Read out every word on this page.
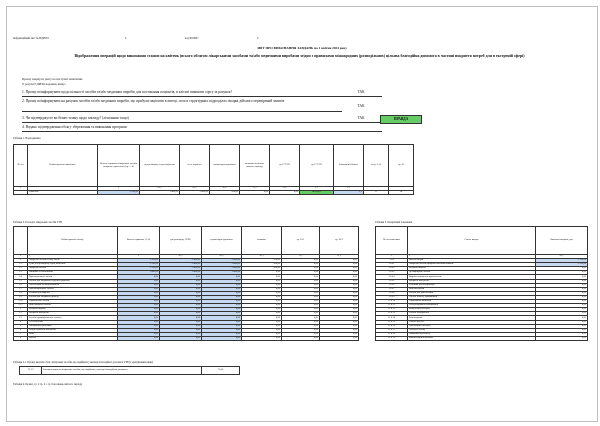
Iнформаційний лист № НДРМ 8	0	код 0019907	0
ЗВІТ ПРО ВИКОНАННЯ ЗАВДАНЬ на 1 квітня 2024 року
Відображення операцій щодо виконання станом на квітень (всього обсягом лікарськими засобами та/або медичними виробами згідно з правилами міжнародних (розподільних) цільова благодійна допомога в частині покриття потреб для в екстреній сфері)
Прошу звернути увагу на наступні запитання:
У розрізі ЄДРПО надання, якщо:
1. Прошу поінформувати щодо кількості засобів та/або медичних виробів для постачання пацієнтів, в клієнті виконати сорту за рахунок?	ТАК
2. Прошу поінформувати на рахунок засобів та/або медичних виробів, що прибули пацієнтів в аптеці, поза в структурних підрозділах лікарні дійсного перевірений запитів
ТАК
3. Чи підтверджуєте ви бізнес-плану щодо закладу? (лічильник тощо)	ТАК	ПРАВДА
4. Надано підтвердження обсягу збереження та виконання програми
Таблиця 1. Надходження
№ з/п	Найменування показника	Всього отримано лікарських засобів (зокрема стратегічні) (гр. 1+4)	для розподілу серед пацієнтів	в т.ч. вартість	гуманітарна допомога	залишок на кінець звітного періоду	гр.17 ТЗН	гр.17 ГЗН	Фактичний баланс	за гр. 2-15	гр. 16
1		2	10,1	10,2	10,3	11,1	11,2	12	13		
	Значення	2 700,00	2 400,00	2 000,00	100,00	0,00	0,00	ПРАВДА	2,2	0	24
Таблиця 2. Розподіл лікарських засобів ТЗН
	Найменування засобу	Всього отримано (1+4)	для розподілу (ТЗН)	гуманітарна допомога	залишок	гр. 10.1	гр. 10.2
1	2	2	10,1	10,2	10,3	11,1	11,2
2	Лікарські засоби в тому числі:	2 700,00	2 400,00	2 000,00	100,00	0,00	0,00
2.1	з них для розподілу серед пацієнтів	2 700,00	2 400,00	2 000,00	100,00	0,00	0,00
2.2	Лікарські засоби	2 700,00	2 400,00	2 000,00	100,00	0,00	0,00
2.3	Вакцини та анатоксини	1 000,00	1 000,00	1 000,00	0,00	0,00	0,00
2.4	Протипухлинні засоби	0,00	0,00	0,00	0,00	0,00	0,00
2.5	Засоби для лікування серцево-судинних	0,00	0,00	0,00	0,00	0,00	0,00
2.6	Анестетики та міорелаксанти	0,00	0,00	0,00	0,00	0,00	0,00
2.7	Протиінфекційні засоби	0,00	0,00	0,00	0,00	0,00	0,00
2.8	Розчини для інфузій	0,00	0,00	0,00	0,00	0,00	0,00
2.9	Засоби для лікування діабету	0,00	0,00	0,00	0,00	0,00	0,00
2.10	Гормональні засоби	0,00	0,00	0,00	0,00	0,00	0,00
2.11	Інші лікарські засоби	0,00	0,00	0,00	0,00	0,00	0,00
3	Медичні вироби	0,00	0,00	0,00	0,00	0,00	0,00
3.1	Витратні матеріали	0,00	0,00	0,00	0,00	0,00	0,00
3.2	Засоби індивідуального захисту	0,00	0,00	0,00	0,00	0,00	0,00
4	Тест-системи	0,00	0,00	0,00	0,00	0,00	0,00
5	Лабораторні реактиви	0,00	0,00	0,00	0,00	0,00	0,00
6	Перев'язувальні матеріали	0,00	0,00	0,00	0,00	0,00	0,00
7	Інше	0,00	0,00	0,00	0,00	0,00	0,00
8	Всього	0,00	0,00	0,00	0,00	0,00	0,00
Таблиця 3. Оперативні показники
№ з/п показника	Стаття витрат	Фактичні витрати, грн
1	2	10,1
11.4	Всього витрат	2 700,00
11.4.1	Лікарські засоби придбані власним коштом	2 700,00
11.4.2	Медичні вироби	0,00
11.4.3	Дезінфікуючі засоби	0,00
11.4.4	Вироби медичного призначення	0,00
11.4.5	Витратні матеріали	0,00
11.4.6	Реактиви для лабораторії	0,00
11.4.7	Інші матеріали	0,00
11.4.8	Засоби для діагностики	0,00
11.4.9	Засоби захисту працівників	0,00
11.4.10	Харчування пацієнтів	0,00
11.4.11	Обслуговування обладнання	0,00
11.4.12	Комунальні послуги	0,00
11.4.13	Ремонт обладнання	0,00
11.4.14	Інші видатки	0,00
11.4.15	Оплата послуг	0,00
11.4.16	Транспортні послуги	0,00
11.4.17	Послуги зв'язку	0,00
11.4.18	Навчання персоналу	0,00
11.4.19	Компенсаційні виплати	0,00
Таблиця 2.1. Прошу вказати обсяг лікарських засобів, що надійшли у вигляді благодійної допомоги ТЗН (з урахуванням вище)
12.1.2	Загальна вартість лікарських засобів, що надійшли у вигляді благодійної допомоги	75,00
Таблиця 4. Баланс, гр. 2 гр. 4 = гр. 6 на кінець звітного періоду
